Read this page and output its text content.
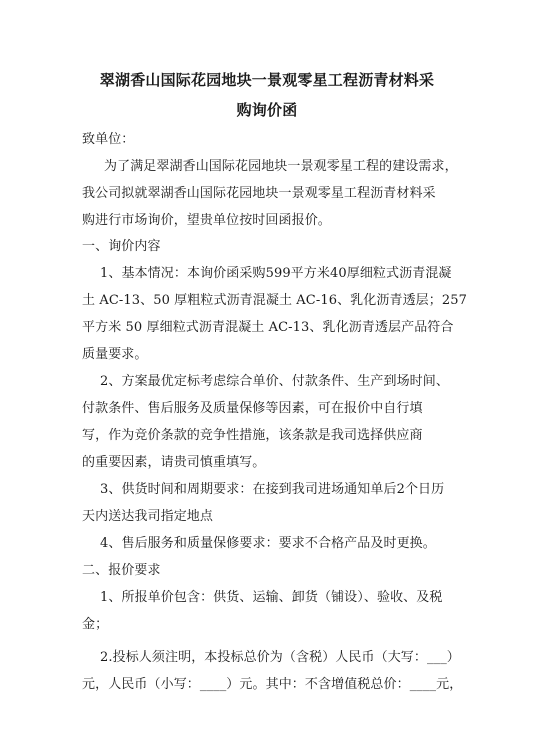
翠湖香山国际花园地块一景观零星工程沥青材料采
购询价函
致单位：
为了满足翠湖香山国际花园地块一景观零星工程的建设需求，
我公司拟就翠湖香山国际花园地块一景观零星工程沥青材料采
购进行市场询价，望贵单位按时回函报价。
一、询价内容
1、基本情况：本询价函采购599平方米40厚细粒式沥青混凝
土 AC-13、50 厚粗粒式沥青混凝土 AC-16、乳化沥青透层；257
平方米 50 厚细粒式沥青混凝土 AC-13、乳化沥青透层产品符合
质量要求。
2、方案最优定标考虑综合单价、付款条件、生产到场时间、
付款条件、售后服务及质量保修等因素，可在报价中自行填
写，作为竞价条款的竞争性措施，该条款是我司选择供应商
的重要因素，请贵司慎重填写。
3、供货时间和周期要求：在接到我司进场通知单后2个日历
天内送达我司指定地点
4、售后服务和质量保修要求：要求不合格产品及时更换。
二、报价要求
1、所报单价包含：供货、运输、卸货（铺设）、验收、及税
金；
2.投标人须注明，本投标总价为（含税）人民币（大写：___）
元，人民币（小写：____）元。其中：不含增值税总价：____元，
